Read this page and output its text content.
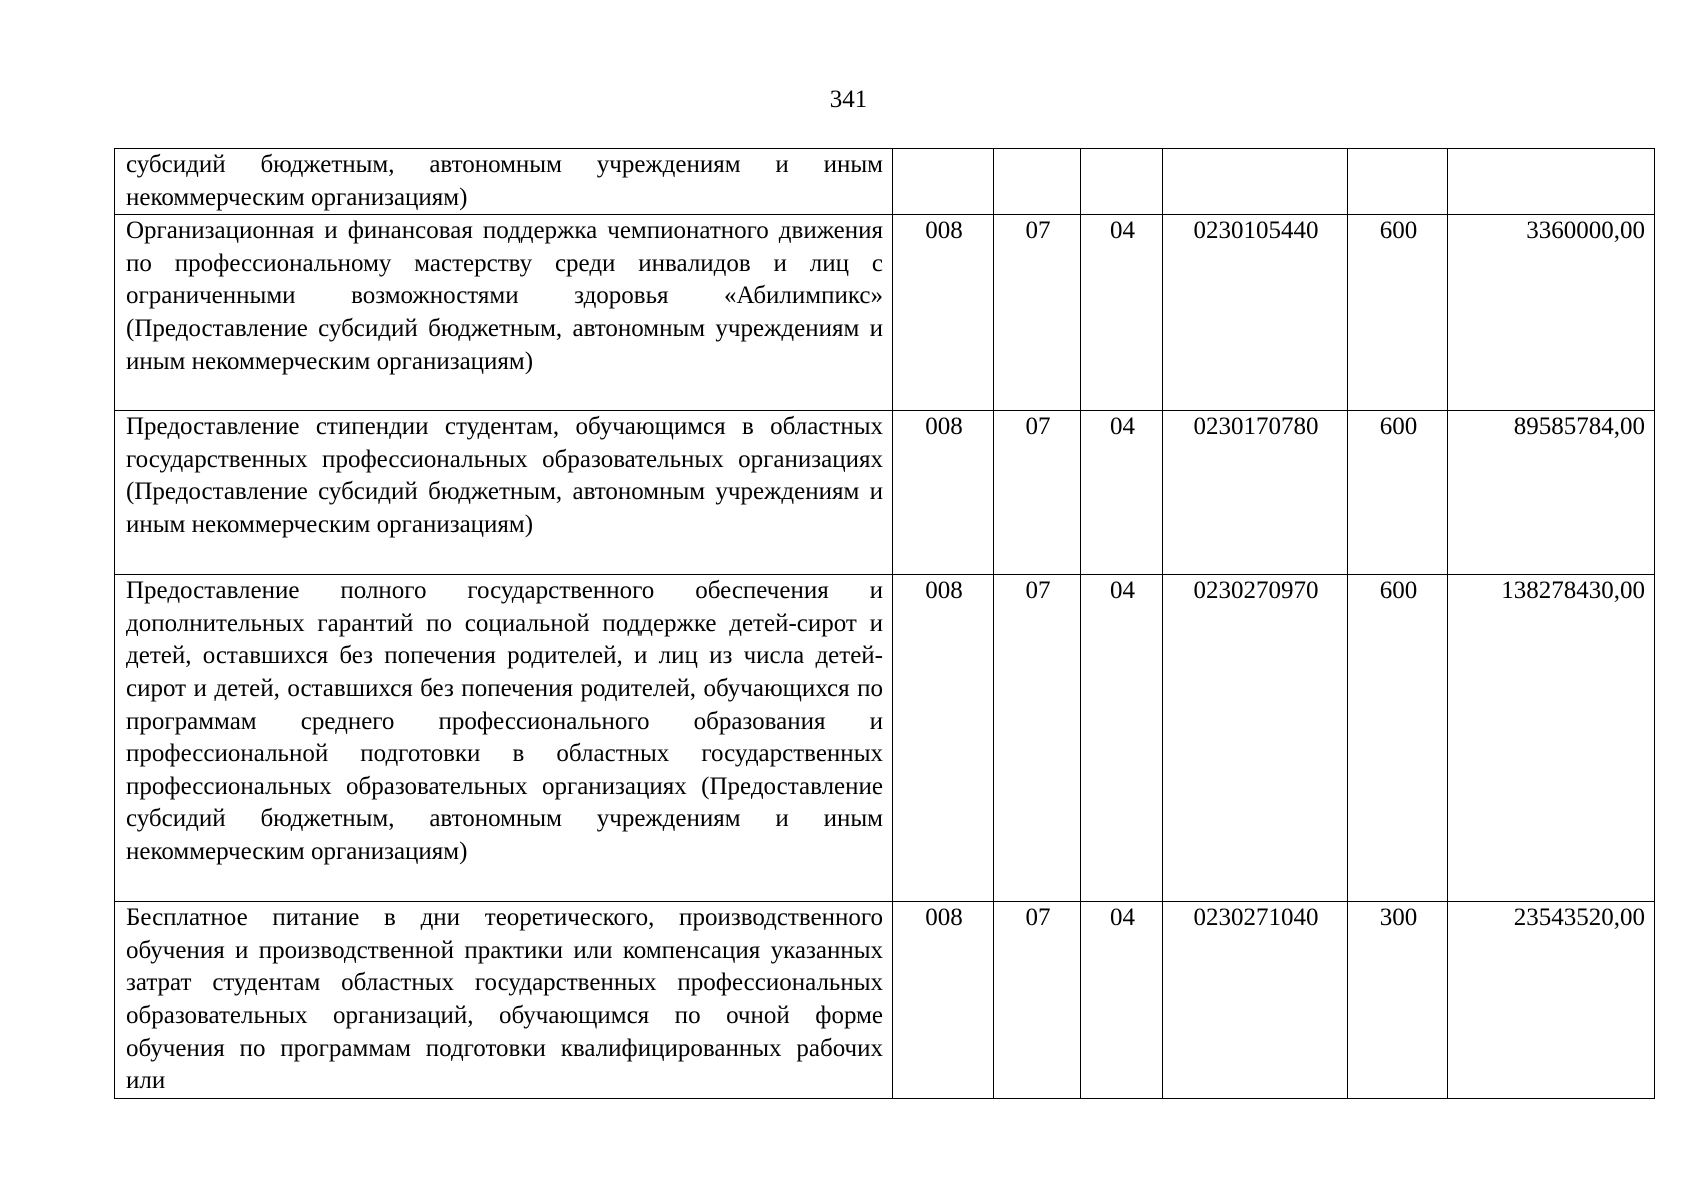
341
субсидий бюджетным, автономным учреждениям и иным некоммерческим организациям)						
Организационная и финансовая поддержка чемпионатного движения по профессиональному мастерству среди инвалидов и лиц с ограниченными возможностями здоровья «Абилимпикс» (Предоставление субсидий бюджетным, автономным учреждениям и иным некоммерческим организациям)	008	07	04	0230105440	600	3360000,00
Предоставление стипендии студентам, обучающимся в областных государственных профессиональных образовательных организациях (Предоставление субсидий бюджетным, автономным учреждениям и иным некоммерческим организациям)	008	07	04	0230170780	600	89585784,00
Предоставление полного государственного обеспечения и дополнительных гарантий по социальной поддержке детей-сирот и детей, оставшихся без попечения родителей, и лиц из числа детей-сирот и детей, оставшихся без попечения родителей, обучающихся по программам среднего профессионального образования и профессиональной подготовки в областных государственных профессиональных образовательных организациях (Предоставление субсидий бюджетным, автономным учреждениям и иным некоммерческим организациям)	008	07	04	0230270970	600	138278430,00
Бесплатное питание в дни теоретического, производственного обучения и производственной практики или компенсация указанных затрат студентам областных государственных профессиональных образовательных организаций, обучающимся по очной форме обучения по программам подготовки квалифицированных рабочих или	008	07	04	0230271040	300	23543520,00
